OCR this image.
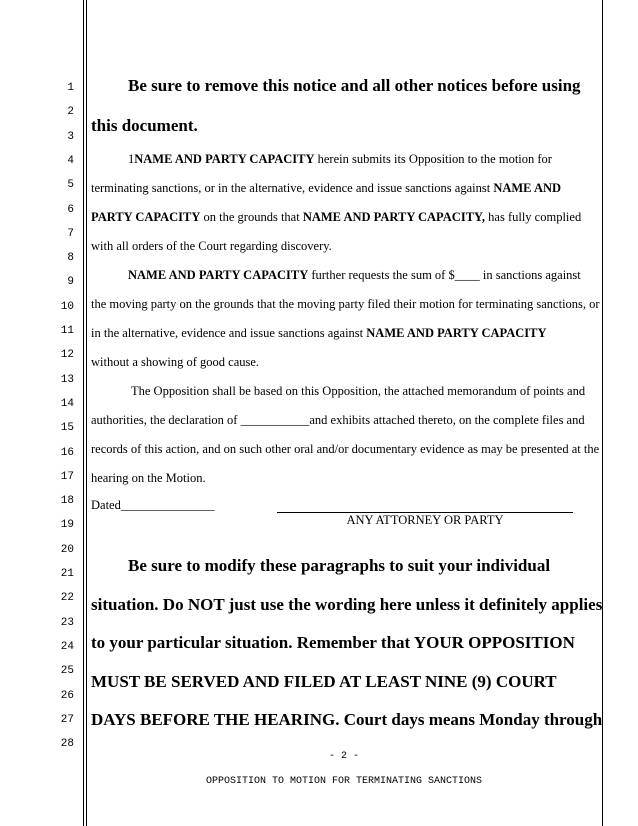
1
2
3
4
5
6
7
8
9
10
11
12
13
14
15
16
17
18
19
20
21
22
23
24
25
26
27
28
Be sure to remove this notice and all other notices before using
this document.
1NAME AND PARTY CAPACITY herein submits its Opposition to the motion for
terminating sanctions, or in the alternative, evidence and issue sanctions against NAME AND
PARTY CAPACITY on the grounds that NAME AND PARTY CAPACITY, has fully complied
with all orders of the Court regarding discovery.
NAME AND PARTY CAPACITY further requests the sum of $____ in sanctions against
the moving party on the grounds that the moving party filed their motion for terminating sanctions, or
in the alternative, evidence and issue sanctions against NAME AND PARTY CAPACITY
without a showing of good cause.
The Opposition shall be based on this Opposition, the attached memorandum of points and
authorities, the declaration of ___________and exhibits attached thereto, on the complete files and
records of this action, and on such other oral and/or documentary evidence as may be presented at the
hearing on the Motion.
Dated_______________
ANY ATTORNEY OR PARTY
Be sure to modify these paragraphs to suit your individual
situation. Do NOT just use the wording here unless it definitely applies
to your particular situation. Remember that YOUR OPPOSITION
MUST BE SERVED AND FILED AT LEAST NINE (9) COURT
DAYS BEFORE THE HEARING. Court days means Monday through
- 2 -
OPPOSITION TO MOTION FOR TERMINATING SANCTIONS
